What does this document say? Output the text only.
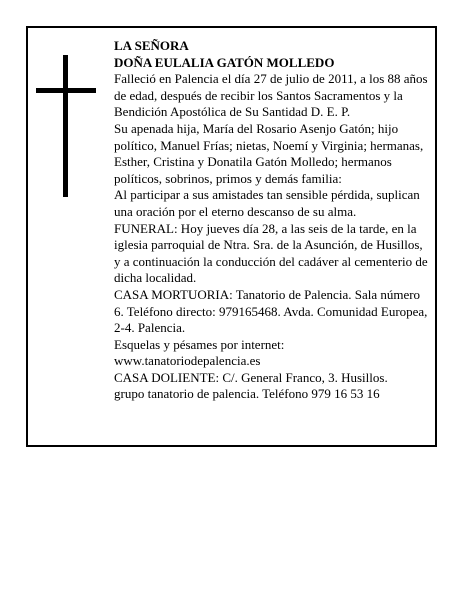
LA SEÑORA

DOÑA EULALIA GATÓN MOLLEDO

Falleció en Palencia el día 27 de julio de 2011, a los 88 años de edad, después de recibir los Santos Sacramentos y la Bendición Apostólica de Su Santidad D. E. P.

Su apenada hija, María del Rosario Asenjo Gatón; hijo político, Manuel Frías; nietas, Noemí y Virginia; hermanas, Esther, Cristina y Donatila Gatón Molledo; hermanos políticos, sobrinos, primos y demás familia:

Al participar a sus amistades tan sensible pérdida, suplican una oración por el eterno descanso de su alma.

FUNERAL: Hoy jueves día 28, a las seis de la tarde, en la iglesia parroquial de Ntra. Sra. de la Asunción, de Husillos, y a continuación la conducción del cadáver al cementerio de dicha localidad.

CASA MORTUORIA: Tanatorio de Palencia. Sala número 6. Teléfono directo: 979165468. Avda. Comunidad Europea, 2-4. Palencia.

Esquelas y pésames por internet:

www.tanatoriodepalencia.es

CASA DOLIENTE: C/. General Franco, 3. Husillos.

grupo tanatorio de palencia. Teléfono 979 16 53 16
